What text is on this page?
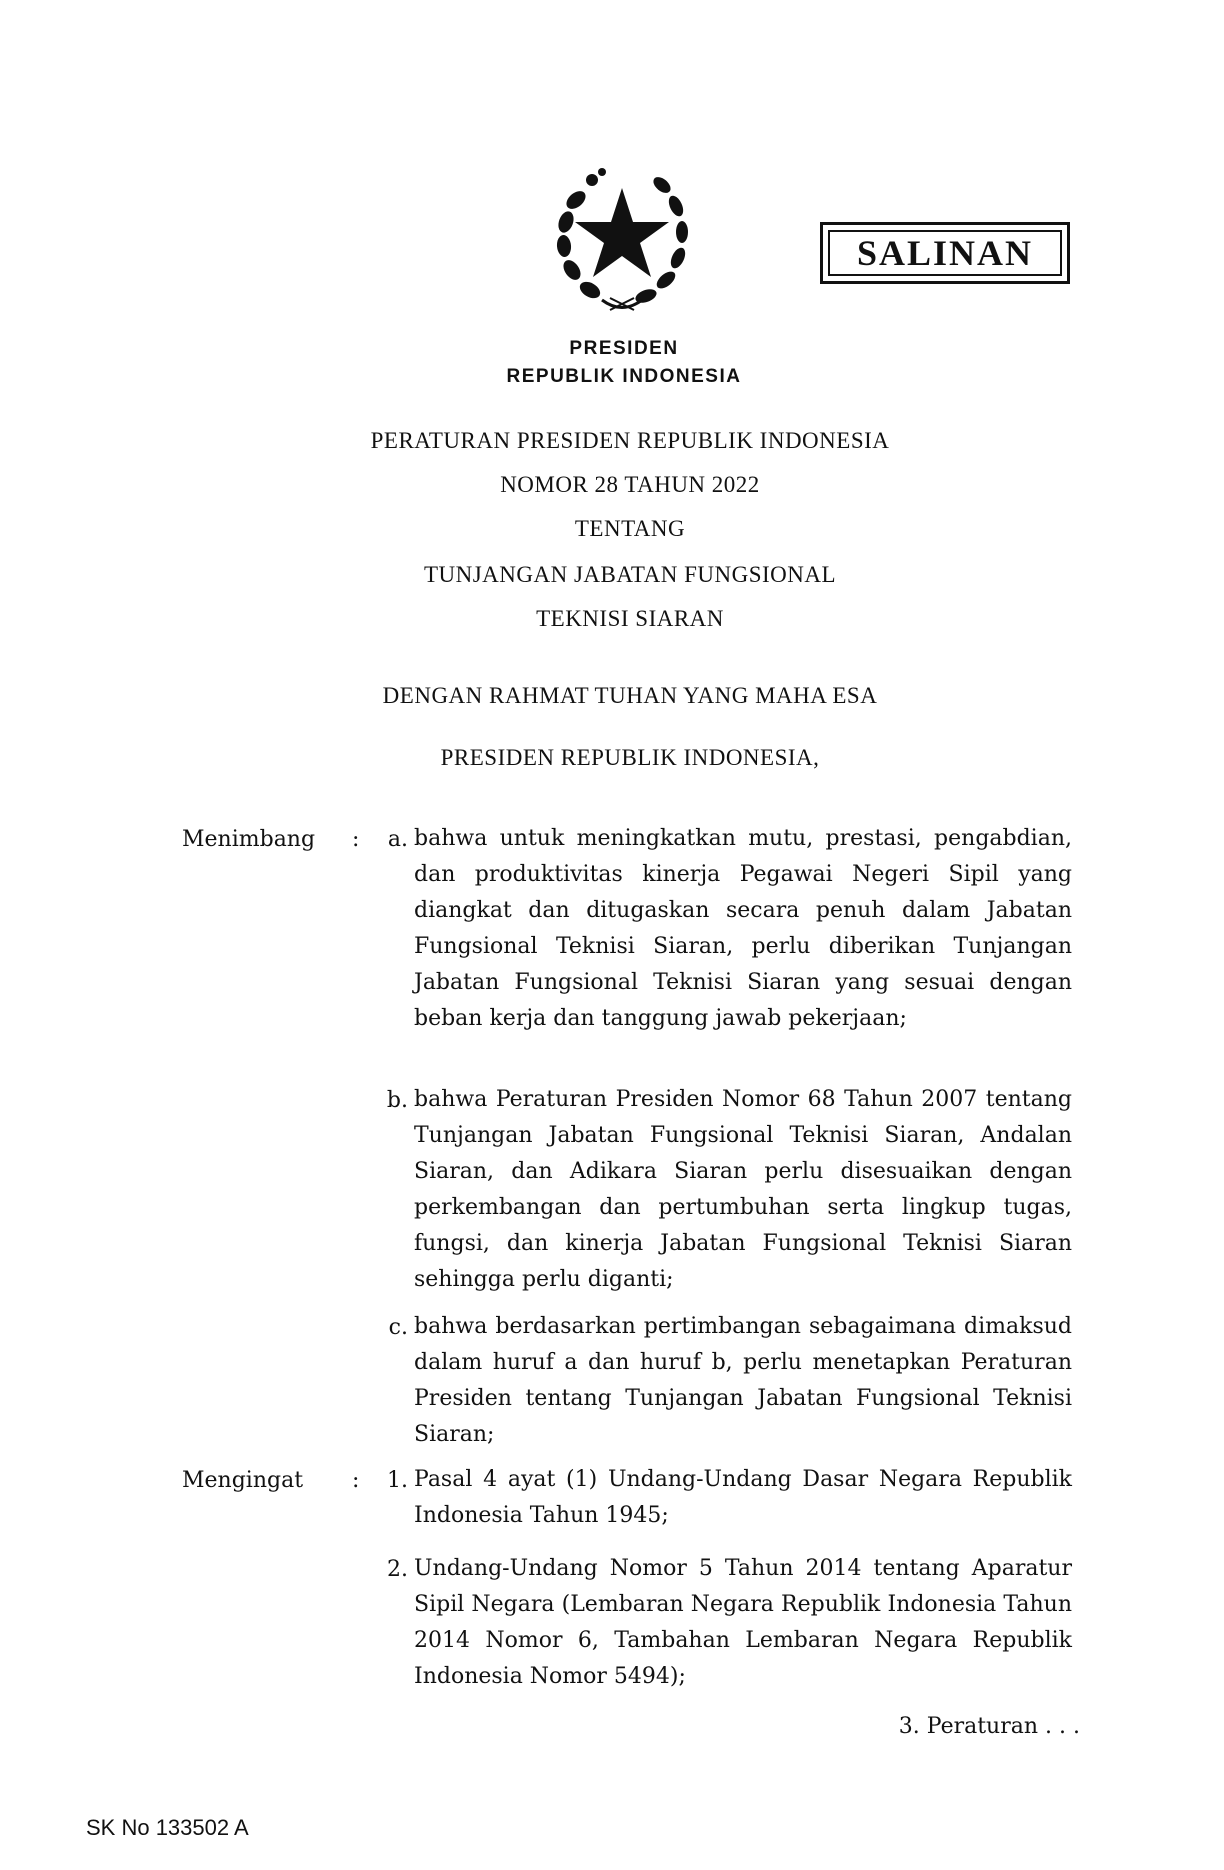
SALINAN
PRESIDEN
REPUBLIK INDONESIA
PERATURAN PRESIDEN REPUBLIK INDONESIA
NOMOR 28 TAHUN 2022
TENTANG
TUNJANGAN JABATAN FUNGSIONAL
TEKNISI SIARAN
DENGAN RAHMAT TUHAN YANG MAHA ESA
PRESIDEN REPUBLIK INDONESIA,
Menimbang :	a. bahwa untuk meningkatkan mutu, prestasi, pengabdian, dan produktivitas kinerja Pegawai Negeri Sipil yang diangkat dan ditugaskan secara penuh dalam Jabatan Fungsional Teknisi Siaran, perlu diberikan Tunjangan Jabatan Fungsional Teknisi Siaran yang sesuai dengan beban kerja dan tanggung jawab pekerjaan;
b. bahwa Peraturan Presiden Nomor 68 Tahun 2007 tentang Tunjangan Jabatan Fungsional Teknisi Siaran, Andalan Siaran, dan Adikara Siaran perlu disesuaikan dengan perkembangan dan pertumbuhan serta lingkup tugas, fungsi, dan kinerja Jabatan Fungsional Teknisi Siaran sehingga perlu diganti;
c. bahwa berdasarkan pertimbangan sebagaimana dimaksud dalam huruf a dan huruf b, perlu menetapkan Peraturan Presiden tentang Tunjangan Jabatan Fungsional Teknisi Siaran;
Mengingat :	1. Pasal 4 ayat (1) Undang-Undang Dasar Negara Republik Indonesia Tahun 1945;
2. Undang-Undang Nomor 5 Tahun 2014 tentang Aparatur Sipil Negara (Lembaran Negara Republik Indonesia Tahun 2014 Nomor 6, Tambahan Lembaran Negara Republik Indonesia Nomor 5494);
3. Peraturan . . .
SK No 133502 A
